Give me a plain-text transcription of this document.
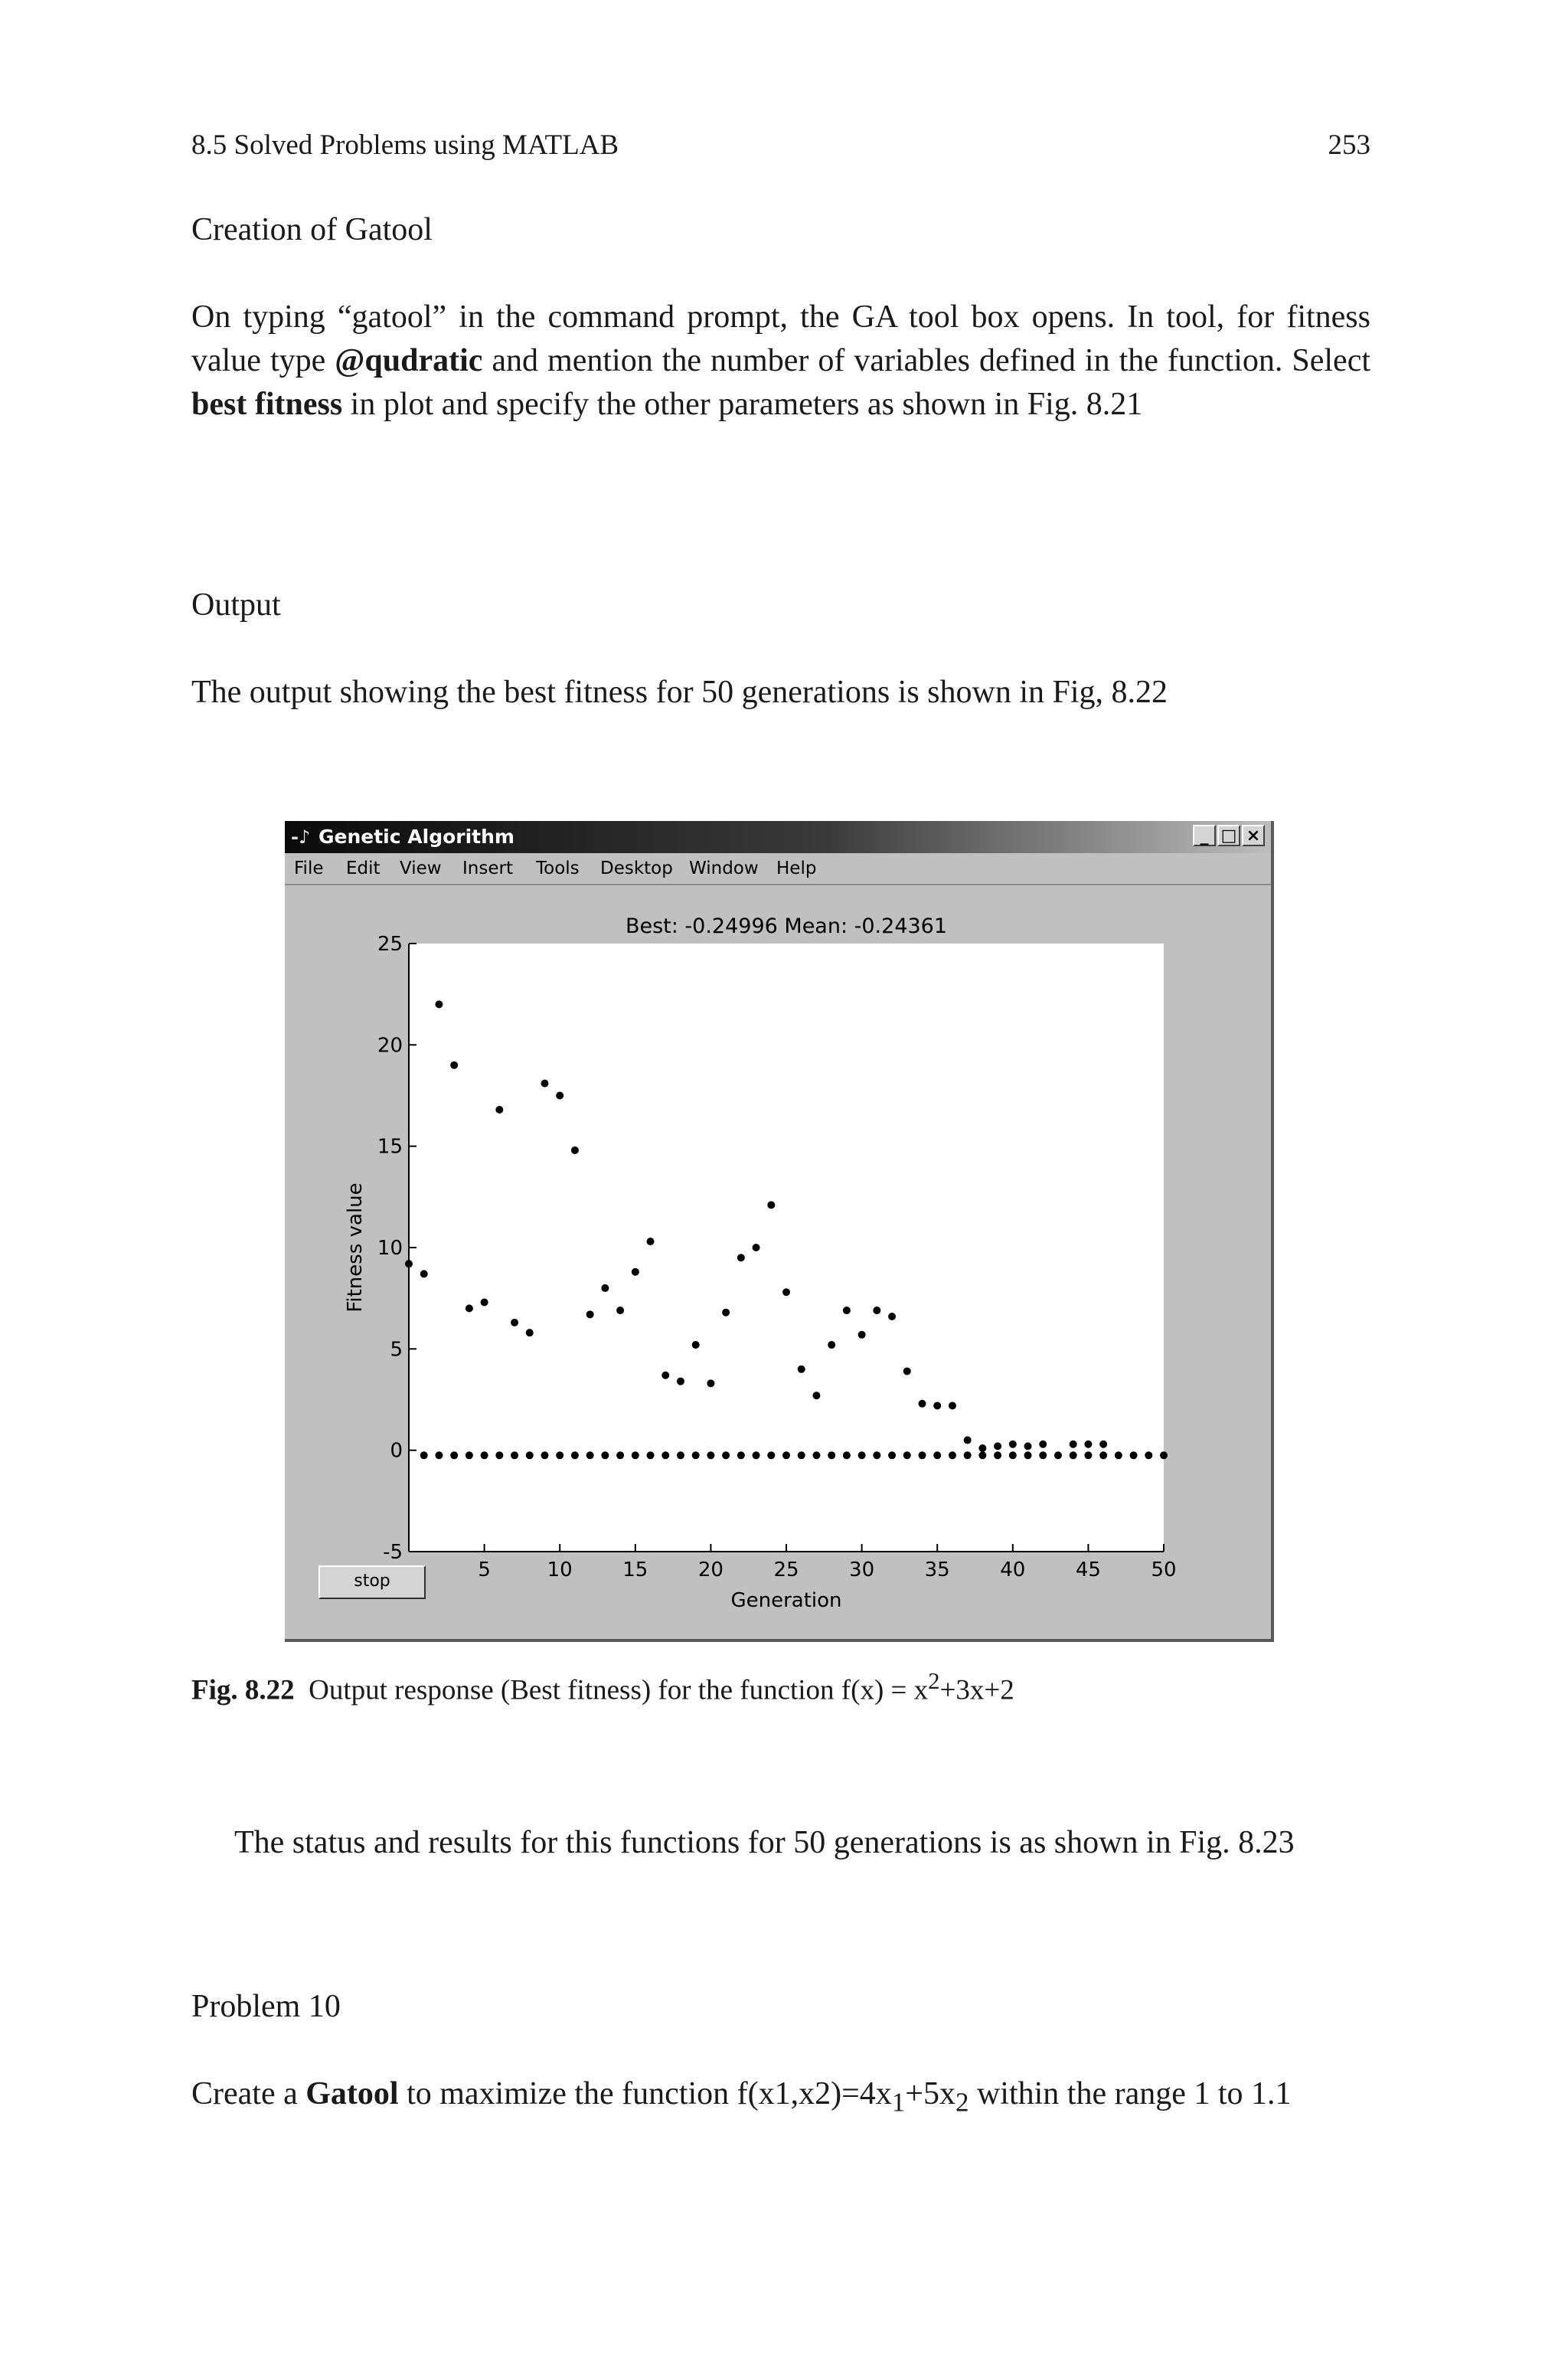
8.5 Solved Problems using MATLAB	253
Creation of Gatool

On typing “gatool” in the command prompt, the GA tool box opens. In tool, for fitness value type @qudratic and mention the number of variables defined in the function. Select best fitness in plot and specify the other parameters as shown in Fig. 8.21

Output
The output showing the best fitness for 50 generations is shown in Fig, 8.22
-♪ Genetic Algorithm	_ □ ×
File Edit View Insert Tools Desktop Window Help
Best: -0.24996 Mean: -0.24361
-5
0
5
10
15
20
25
5	10	15	20	25	30	35	40	45	50
Generation
Fitness value
stop
Fig. 8.22 Output response (Best fitness) for the function $f(x) = x^2+3x+2$
The status and results for this functions for 50 generations is as shown in Fig. 8.23
Problem 10

Create a Gatool to maximize the function $f(x1,x2)=4x_1+5x_2$ within the range 1 to 1.1
